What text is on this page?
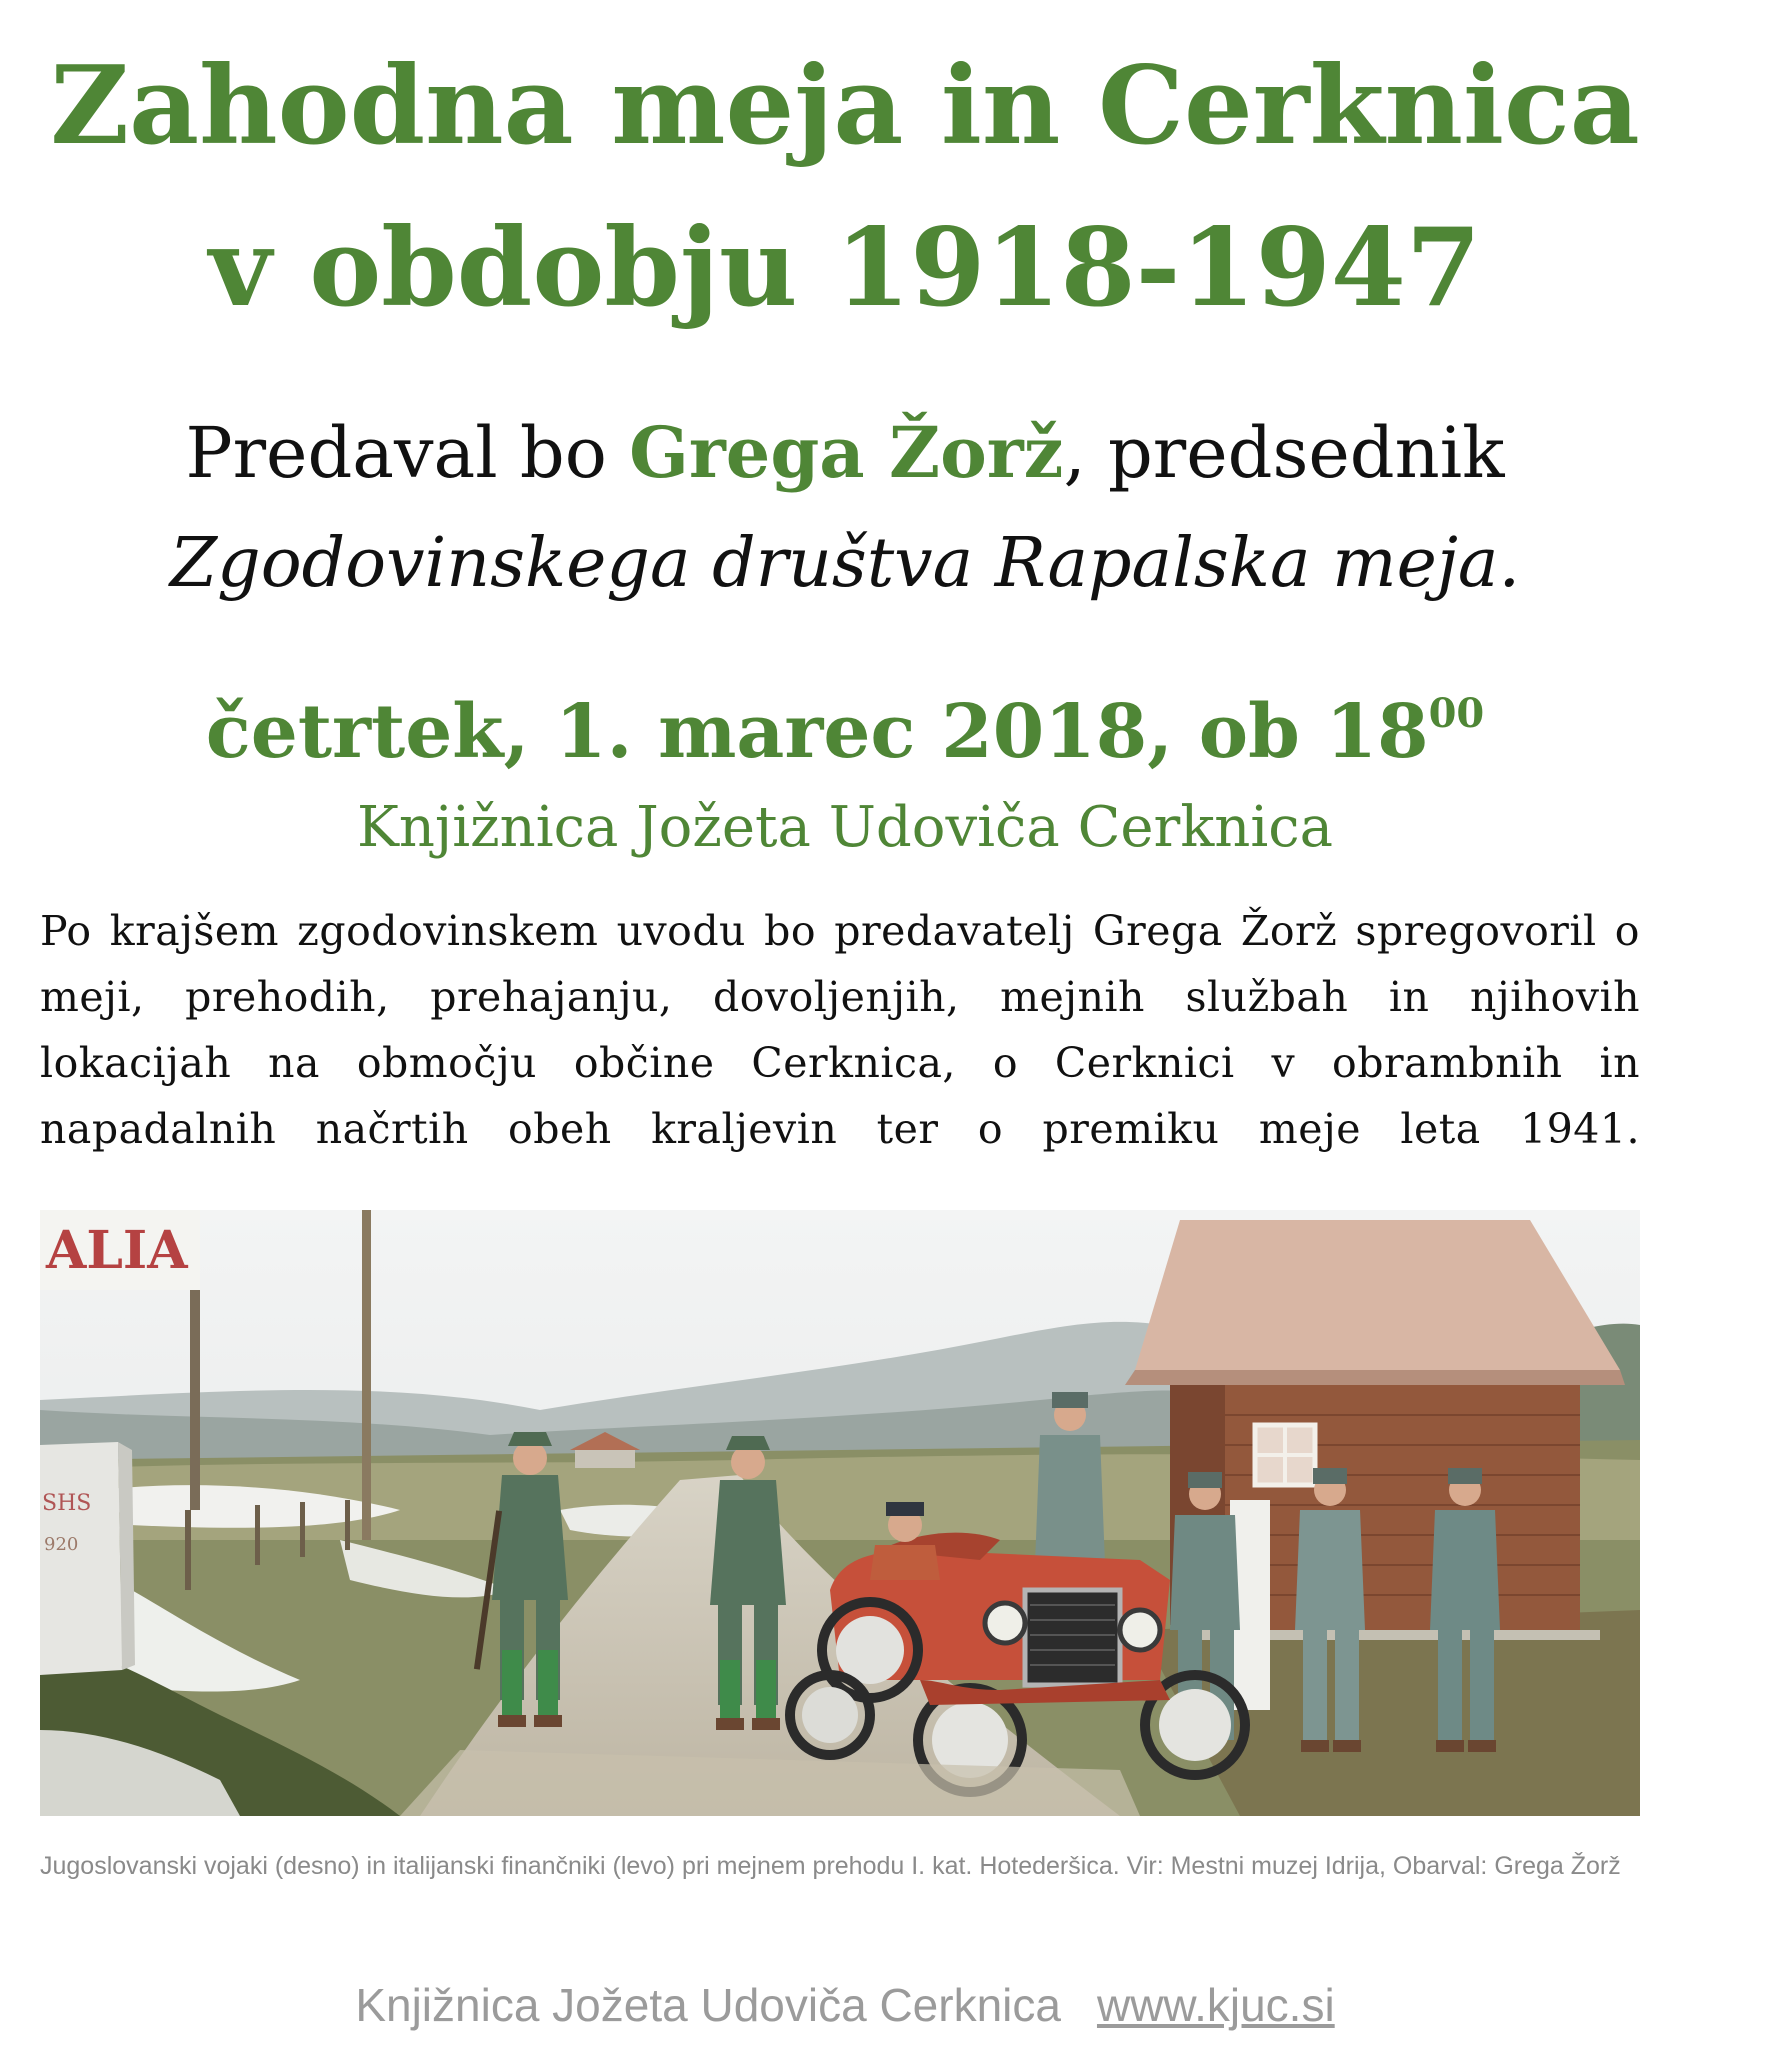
Zahodna meja in Cerknica
v obdobju 1918-1947
Predaval bo Grega Žorž, predsednik
Zgodovinskega društva Rapalska meja.
četrtek, 1. marec 2018, ob $18^{00}$
Knjižnica Jožeta Udoviča Cerknica

Po krajšem zgodovinskem uvodu bo predavatelj Grega Žorž spregovoril o meji, prehodih, prehajanju, dovoljenjih, mejnih službah in njihovih lokacijah na območju občine Cerknica, o Cerknici v obrambnih in napadalnih načrtih obeh kraljevin ter o premiku meje leta 1941.

ALIA
SHS
920
Jugoslovanski vojaki (desno) in italijanski finančniki (levo) pri mejnem prehodu I. kat. Hotederšica. Vir: Mestni muzej Idrija, Obarval: Grega Žorž
Knjižnica Jožeta Udoviča Cerknica www.kjuc.si
